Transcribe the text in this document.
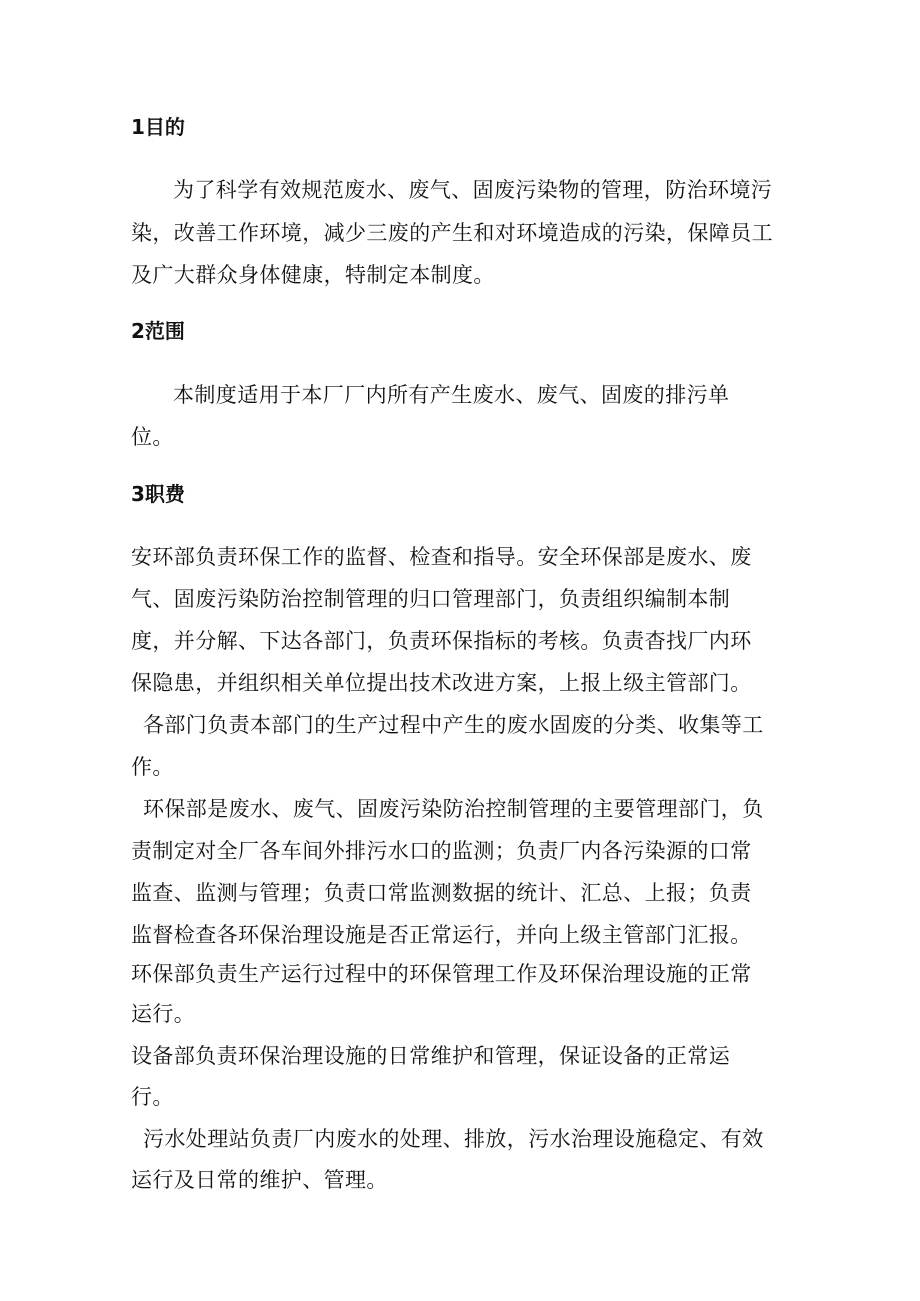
1目的
为了科学有效规范废水、废气、固废污染物的管理，防治环境污
染，改善工作环境，减少三废的产生和对环境造成的污染，保障员工
及广大群众身体健康，特制定本制度。
2范围
本制度适用于本厂厂内所有产生废水、废气、固废的排污单
位。
3职费
安环部负责环保工作的监督、检查和指导。安全环保部是废水、废
气、固废污染防治控制管理的归口管理部门，负责组织编制本制
度，并分解、下达各部门，负责环保指标的考核。负责杳找厂内环
保隐患，并组织相关单位提出技术改进方案，上报上级主管部门。
各部门负责本部门的生产过程中产生的废水固废的分类、收集等工
作。
环保部是废水、废气、固废污染防治控制管理的主要管理部门，负
责制定对全厂各车间外排污水口的监测；负责厂内各污染源的口常
监查、监测与管理；负责口常监测数据的统计、汇总、上报；负责
监督检查各环保治理设施是否正常运行，并向上级主管部门汇报。
环保部负责生产运行过程中的环保管理工作及环保治理设施的正常
运行。
设备部负责环保治理设施的日常维护和管理，保证设备的正常运
行。
污水处理站负责厂内废水的处理、排放，污水治理设施稳定、有效
运行及日常的维护、管理。
